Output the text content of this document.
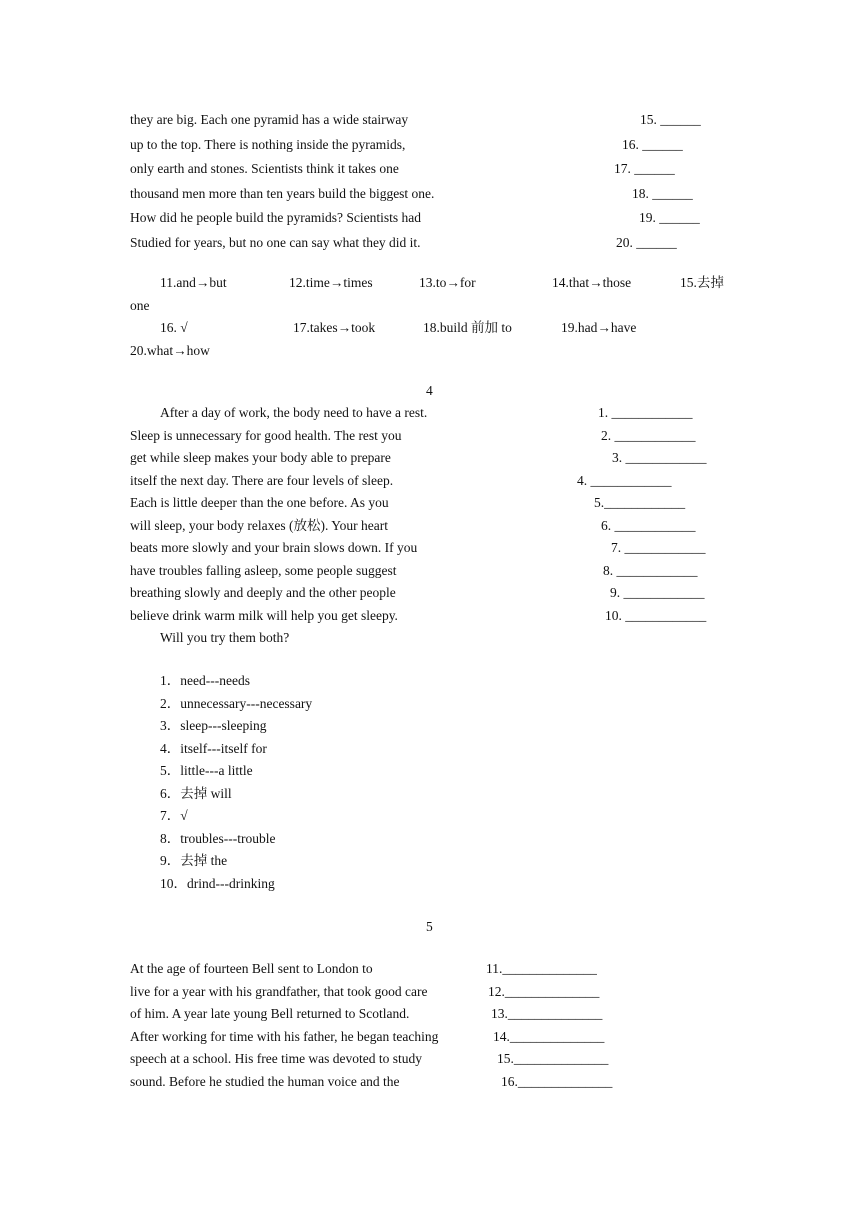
they are big. Each one pyramid has a wide stairway	15. ______
up to the top. There is nothing inside the pyramids,	16. ______
only earth and stones. Scientists think it takes one	17. ______
thousand men more than ten years build the biggest one.	18. ______
How did he people build the pyramids? Scientists had	19. ______
Studied for years, but no one can say what they did it.	20. ______
11.and→but	12.time→times	13.to→for	14.that→those	15.去掉
one
16. √	17.takes→took	18.build 前加 to	19.had→have
20.what→how
4
After a day of work, the body need to have a rest.	1. ____________
Sleep is unnecessary for good health. The rest you	2. ____________
get while sleep makes your body able to prepare	3. ____________
itself the next day. There are four levels of sleep.	4. ____________
Each is little deeper than the one before. As you	5.____________
will sleep, your body relaxes (放松). Your heart	6. ____________
beats more slowly and your brain slows down. If you	7. ____________
have troubles falling asleep, some people suggest	8. ____________
breathing slowly and deeply and the other people	9. ____________
believe drink warm milk will help you get sleepy.	10. ____________
Will you try them both?
1．need---needs
2．unnecessary---necessary
3．sleep---sleeping
4．itself---itself for
5．little---a little
6．去掉 will
7．√
8．troubles---trouble
9．去掉 the
10．drind---drinking
5
At the age of fourteen Bell sent to London to	11.______________
live for a year with his grandfather, that took good care	12.______________
of him. A year late young Bell returned to Scotland.	13.______________
After working for time with his father, he began teaching	14.______________
speech at a school. His free time was devoted to study	15.______________
sound. Before he studied the human voice and the	16.______________
